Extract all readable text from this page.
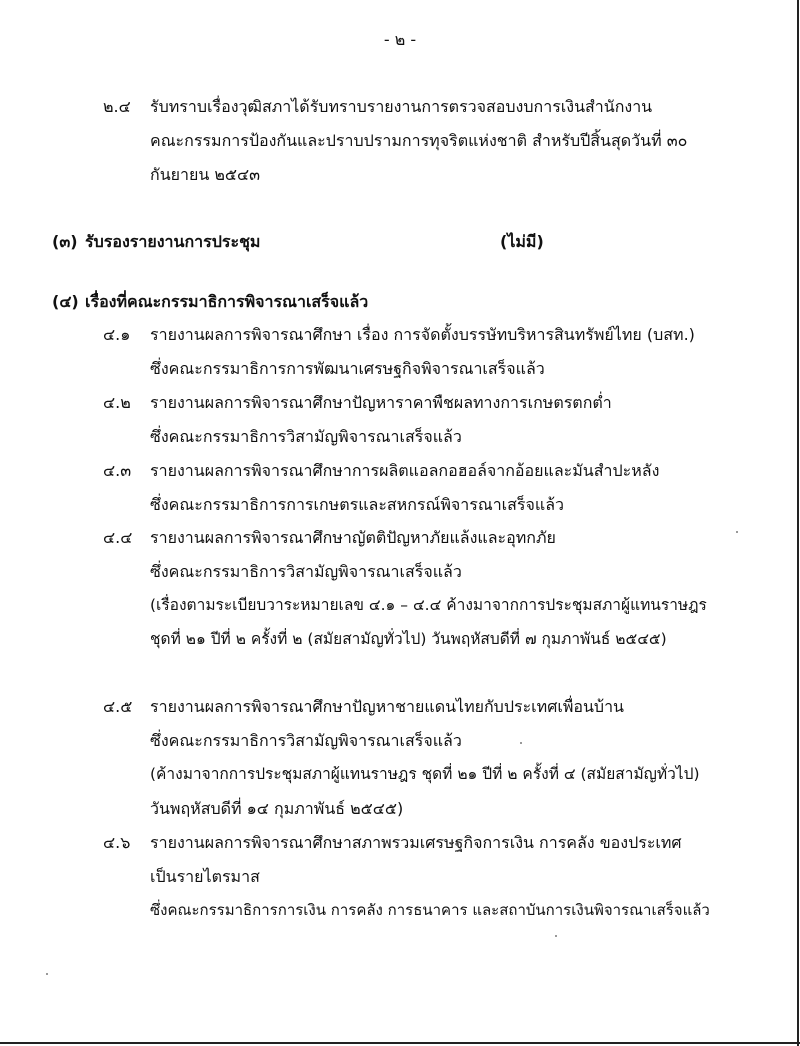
- ๒ -
๒.๔ รับทราบเรื่องวุฒิสภาได้รับทราบรายงานการตรวจสอบงบการเงินสำนักงาน
คณะกรรมการป้องกันและปราบปรามการทุจริตแห่งชาติ สำหรับปีสิ้นสุดวันที่ ๓๐
กันยายน ๒๕๔๓
(๓) รับรองรายงานการประชุม	(ไม่มี)
(๔) เรื่องที่คณะกรรมาธิการพิจารณาเสร็จแล้ว
๔.๑ รายงานผลการพิจารณาศึกษา เรื่อง การจัดตั้งบรรษัทบริหารสินทรัพย์ไทย (บสท.)
ซึ่งคณะกรรมาธิการการพัฒนาเศรษฐกิจพิจารณาเสร็จแล้ว
๔.๒ รายงานผลการพิจารณาศึกษาปัญหาราคาพืชผลทางการเกษตรตกต่ำ
ซึ่งคณะกรรมาธิการวิสามัญพิจารณาเสร็จแล้ว
๔.๓ รายงานผลการพิจารณาศึกษาการผลิตแอลกอฮอล์จากอ้อยและมันสำปะหลัง
ซึ่งคณะกรรมาธิการการเกษตรและสหกรณ์พิจารณาเสร็จแล้ว
๔.๔ รายงานผลการพิจารณาศึกษาญัตติปัญหาภัยแล้งและอุทกภัย
ซึ่งคณะกรรมาธิการวิสามัญพิจารณาเสร็จแล้ว
(เรื่องตามระเบียบวาระหมายเลข ๔.๑ – ๔.๔ ค้างมาจากการประชุมสภาผู้แทนราษฎร
ชุดที่ ๒๑ ปีที่ ๒ ครั้งที่ ๒ (สมัยสามัญทั่วไป) วันพฤหัสบดีที่ ๗ กุมภาพันธ์ ๒๕๔๕)
๔.๕ รายงานผลการพิจารณาศึกษาปัญหาชายแดนไทยกับประเทศเพื่อนบ้าน
ซึ่งคณะกรรมาธิการวิสามัญพิจารณาเสร็จแล้ว
(ค้างมาจากการประชุมสภาผู้แทนราษฎร ชุดที่ ๒๑ ปีที่ ๒ ครั้งที่ ๔ (สมัยสามัญทั่วไป)
วันพฤหัสบดีที่ ๑๔ กุมภาพันธ์ ๒๕๔๕)
๔.๖ รายงานผลการพิจารณาศึกษาสภาพรวมเศรษฐกิจการเงิน การคลัง ของประเทศ
เป็นรายไตรมาส
ซึ่งคณะกรรมาธิการการเงิน การคลัง การธนาคาร และสถาบันการเงินพิจารณาเสร็จแล้ว
